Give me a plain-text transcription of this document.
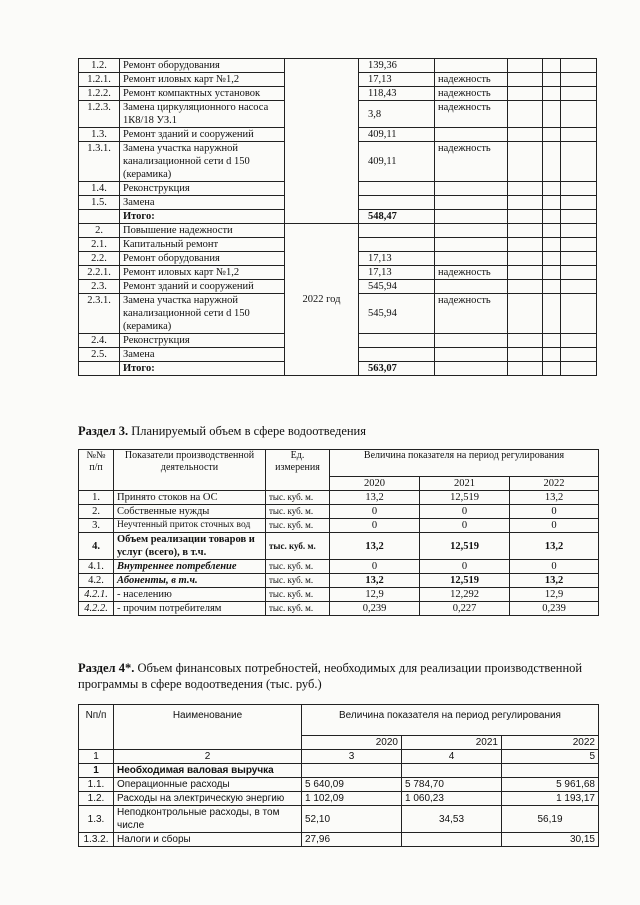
1.2.	Ремонт оборудования		139,36				
1.2.1.	Ремонт иловых карт №1,2		17,13	надежность			
1.2.2.	Ремонт компактных установок		118,43	надежность			
1.2.3.	Замена циркуляционного насоса 1К8/18 УЗ.1		3,8	надежность			
1.3.	Ремонт зданий и сооружений		409,11				
1.3.1.	Замена участка наружной канализационной сети d 150 (керамика)		409,11	надежность			
1.4.	Реконструкция						
1.5.	Замена						
	Итого:		548,47				
2.	Повышение надежности	2022 год					
2.1.	Капитальный ремонт						
2.2.	Ремонт оборудования		17,13				
2.2.1.	Ремонт иловых карт №1,2		17,13	надежность			
2.3.	Ремонт зданий и сооружений		545,94				
2.3.1.	Замена участка наружной канализационной сети d 150 (керамика)		545,94	надежность			
2.4.	Реконструкция						
2.5.	Замена						
	Итого:		563,07				
Раздел 3. Планируемый объем в сфере водоотведения
№№ п/п	Показатели производственной деятельности	Ед. измерения	Величина показателя на период регулирования		
			2020	2021	2022
1.	Принято стоков на ОС	тыс. куб. м.	13,2	12,519	13,2
2.	Собственные нужды	тыс. куб. м.	0	0	0
3.	Неучтенный приток сточных вод	тыс. куб. м.	0	0	0
4.	Объем реализации товаров и услуг (всего), в т.ч.	тыс. куб. м.	13,2	12,519	13,2
4.1.	Внутреннее потребление	тыс. куб. м.	0	0	0
4.2.	Абоненты, в т.ч.	тыс. куб. м.	13,2	12,519	13,2
4.2.1.	- населению	тыс. куб. м.	12,9	12,292	12,9
4.2.2.	- прочим потребителям	тыс. куб. м.	0,239	0,227	0,239
Раздел 4*. Объем финансовых потребностей, необходимых для реализации производственной программы в сфере водоотведения (тыс. руб.)
Nп/п	Наименование	Величина показателя на период регулирования		
		2020	2021	2022
1	2	3	4	5
1	Необходимая валовая выручка			
1.1.	Операционные расходы	5 640,09	5 784,70	5 961,68
1.2.	Расходы на электрическую энергию	1 102,09	1 060,23	1 193,17
1.3.	Неподконтрольные расходы, в том числе	52,10	34,53	56,19
1.3.2.	Налоги и сборы	27,96		30,15
